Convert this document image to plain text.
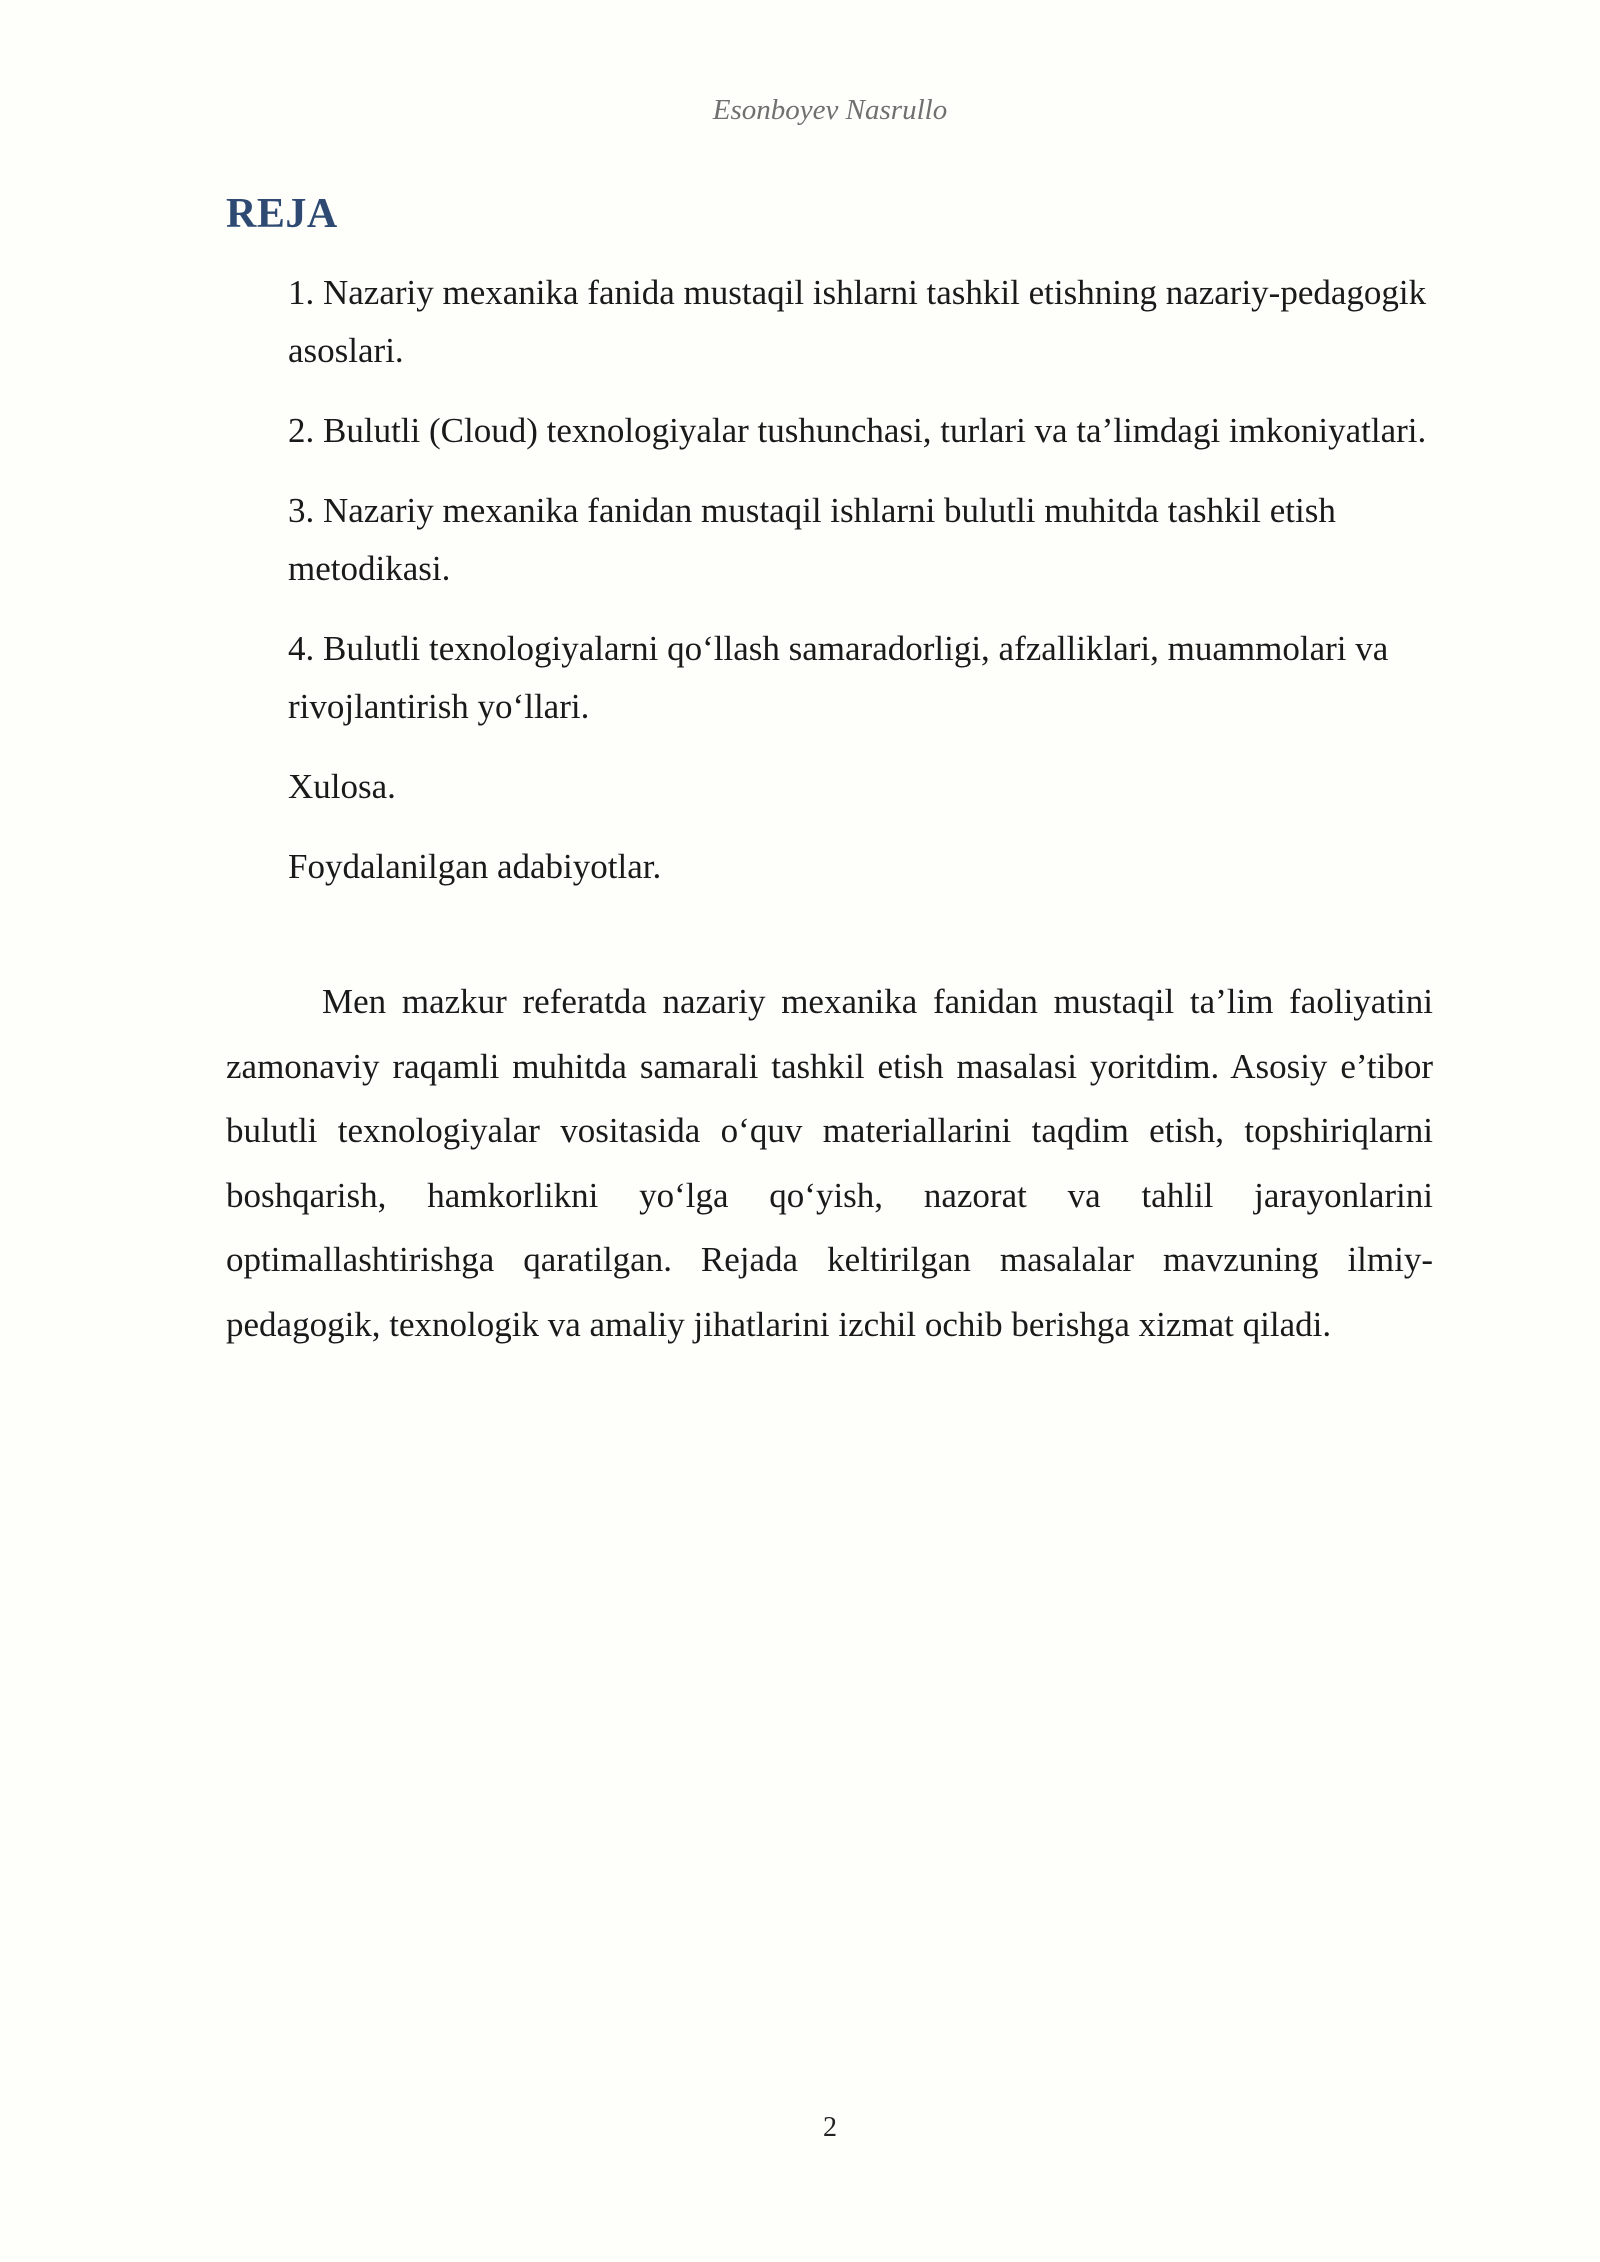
Esonboyev Nasrullo
REJA
1. Nazariy mexanika fanida mustaqil ishlarni tashkil etishning nazariy-pedagogik asoslari.
2. Bulutli (Cloud) texnologiyalar tushunchasi, turlari va ta’limdagi imkoniyatlari.
3. Nazariy mexanika fanidan mustaqil ishlarni bulutli muhitda tashkil etish metodikasi.
4. Bulutli texnologiyalarni qo‘llash samaradorligi, afzalliklari, muammolari va rivojlantirish yo‘llari.
Xulosa.
Foydalanilgan adabiyotlar.

Men mazkur referatda nazariy mexanika fanidan mustaqil ta’lim faoliyatini zamonaviy raqamli muhitda samarali tashkil etish masalasi yoritdim. Asosiy e’tibor bulutli texnologiyalar vositasida o‘quv materiallarini taqdim etish, topshiriqlarni boshqarish, hamkorlikni yo‘lga qo‘yish, nazorat va tahlil jarayonlarini optimallashtirishga qaratilgan. Rejada keltirilgan masalalar mavzuning ilmiy-pedagogik, texnologik va amaliy jihatlarini izchil ochib berishga xizmat qiladi.

2
